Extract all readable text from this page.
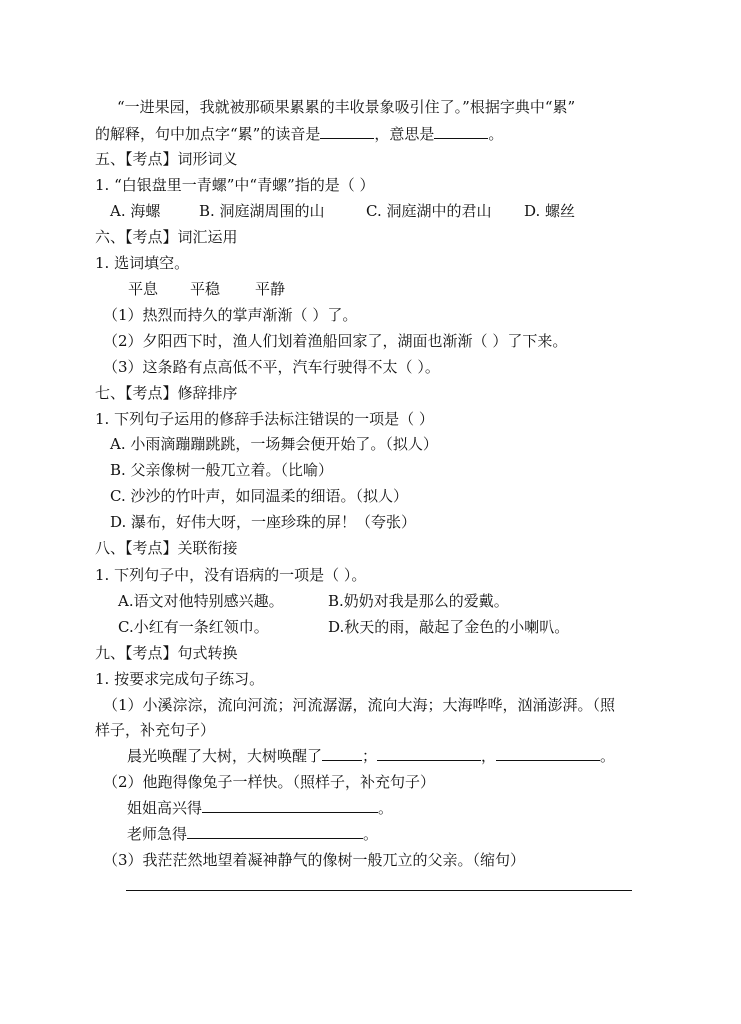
“一进果园，我就被那硕果累累的丰收景象吸引住了。”根据字典中“累”
的解释，句中加点字“累”的读音是	，意思是	。
五、【考点】词形词义
1. “白银盘里一青螺”中“青螺”指的是（ ）
A. 海螺	B. 洞庭湖周围的山	C. 洞庭湖中的君山 D. 螺丝
六、【考点】词汇运用
1. 选词填空。
平息 平稳 平静
（1）热烈而持久的掌声渐渐（ ）了。
（2）夕阳西下时，渔人们划着渔船回家了，湖面也渐渐（ ）了下来。
（3）这条路有点高低不平，汽车行驶得不太（ ）。
七、【考点】修辞排序
1. 下列句子运用的修辞手法标注错误的一项是（ ）
A. 小雨滴蹦蹦跳跳，一场舞会便开始了。（拟人）
B. 父亲像树一般兀立着。（比喻）
C. 沙沙的竹叶声，如同温柔的细语。（拟人）
D. 瀑布，好伟大呀，一座珍珠的屏！（夸张）
八、【考点】关联衔接
1. 下列句子中，没有语病的一项是（ ）。
A.语文对他特别感兴趣。	B.奶奶对我是那么的爱戴。
C.小红有一条红领巾。	D.秋天的雨，敲起了金色的小喇叭。
九、【考点】句式转换
1. 按要求完成句子练习。
（1）小溪淙淙，流向河流；河流潺潺，流向大海；大海哗哗，汹涌澎湃。（照
样子，补充句子）
晨光唤醒了大树，大树唤醒了	；	，	。
（2）他跑得像兔子一样快。（照样子，补充句子）
姐姐高兴得	。
老师急得	。
（3）我茫茫然地望着凝神静气的像树一般兀立的父亲。（缩句）
